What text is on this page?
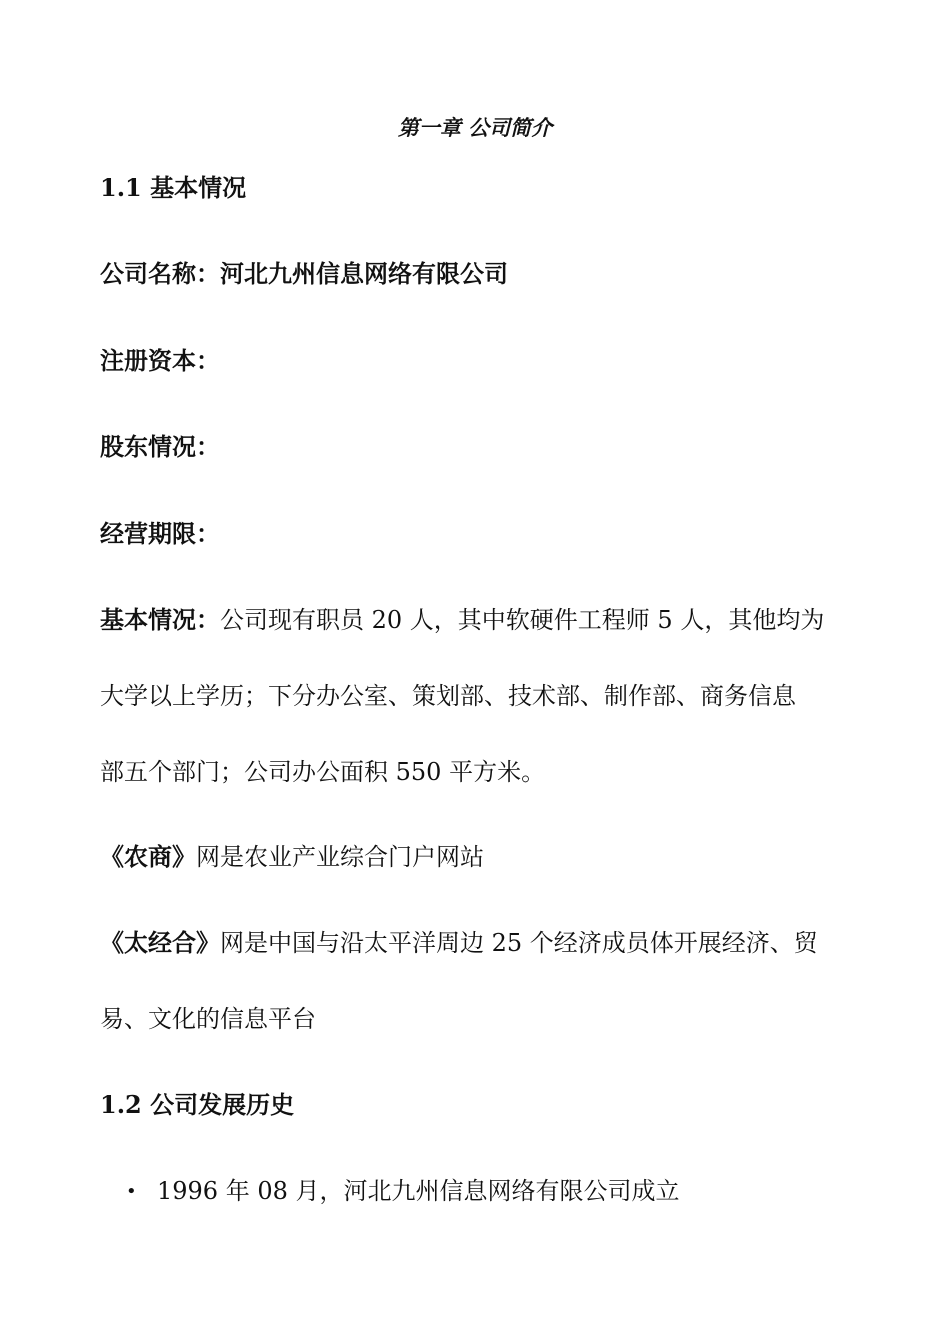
第一章 公司简介

1.1 基本情况

公司名称：河北九州信息网络有限公司

注册资本：

股东情况：

经营期限：

基本情况：公司现有职员 20 人，其中软硬件工程师 5 人，其他均为

大学以上学历；下分办公室、策划部、技术部、制作部、商务信息

部五个部门；公司办公面积 550 平方米。

《农商》网是农业产业综合门户网站

《太经合》网是中国与沿太平洋周边 25 个经济成员体开展经济、贸

易、文化的信息平台

1.2 公司发展历史

• 1996 年 08 月，河北九州信息网络有限公司成立
